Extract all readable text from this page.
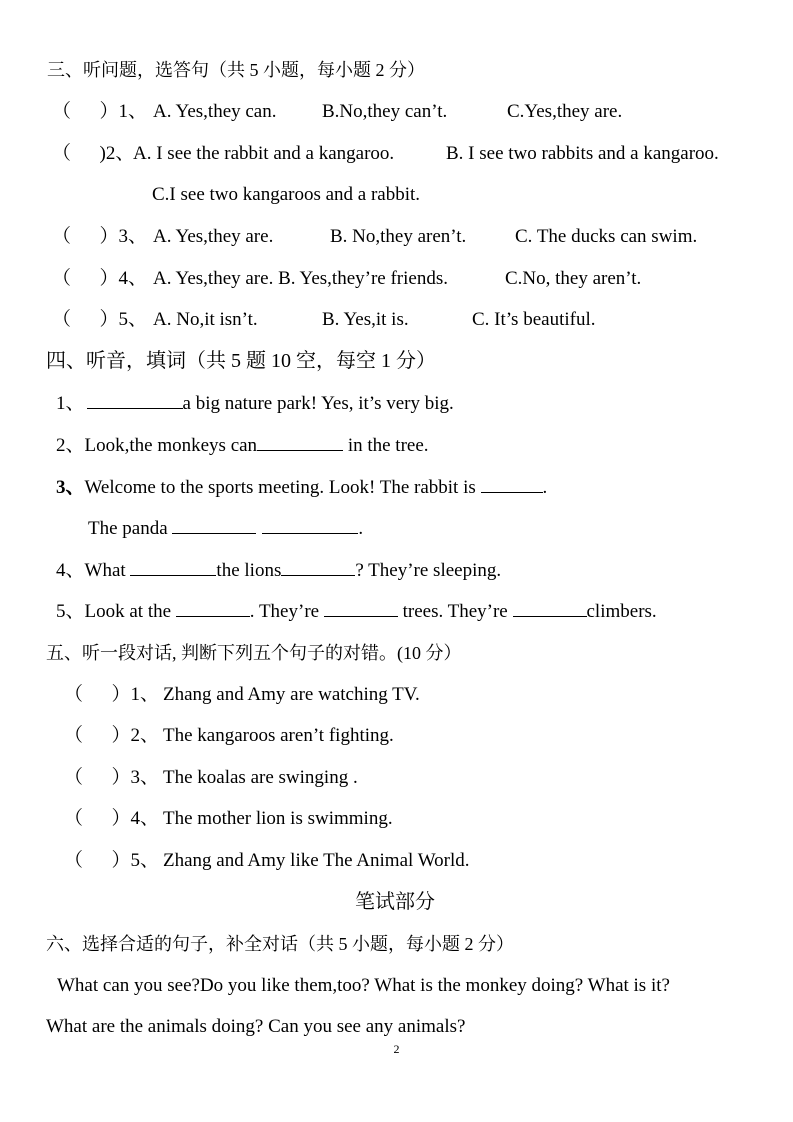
三、听问题，选答句（共 5 小题，每小题 2 分）
（      ）1、 A. Yes,they can. B.No,they can’t.	C.Yes,they are.
（      )2、
A. I see the rabbit and a kangaroo.	B. I see two rabbits and a kangaroo.
C.I see two kangaroos and a rabbit.
（      ）3、 A. Yes,they are.	B. No,they aren’t.	C. The ducks can swim.
（      ）4、 A. Yes,they are. B. Yes,they’re friends.	C.No, they aren’t.
（      ）5、 A. No,it isn’t.	B. Yes,it is.	C. It’s beautiful.
四、听音，填词（共 5 题 10 空，每空 1 分）
1、	a big nature park! Yes, it’s very big.
2、Look,the monkeys can	in the tree.
3、Welcome to the sports meeting. Look! The rabbit is	.
The panda	.
4、What	the lions	? They’re sleeping.
5、Look at the	. They’re	trees. They’re	climbers.
五、听一段对话, 判断下列五个句子的对错。(10 分）
（      ）1、 Zhang and Amy are watching TV.
（      ）2、 The kangaroos aren’t fighting.
（      ）3、 The koalas are swinging .
（      ）4、 The mother lion is swimming.
（      ）5、 Zhang and Amy like The Animal World.
笔试部分
六、选择合适的句子，补全对话（共 5 小题，每小题 2 分）
What can you see?Do you like them,too? What is the monkey doing? What is it?
What are the animals doing? Can you see any animals?
2
